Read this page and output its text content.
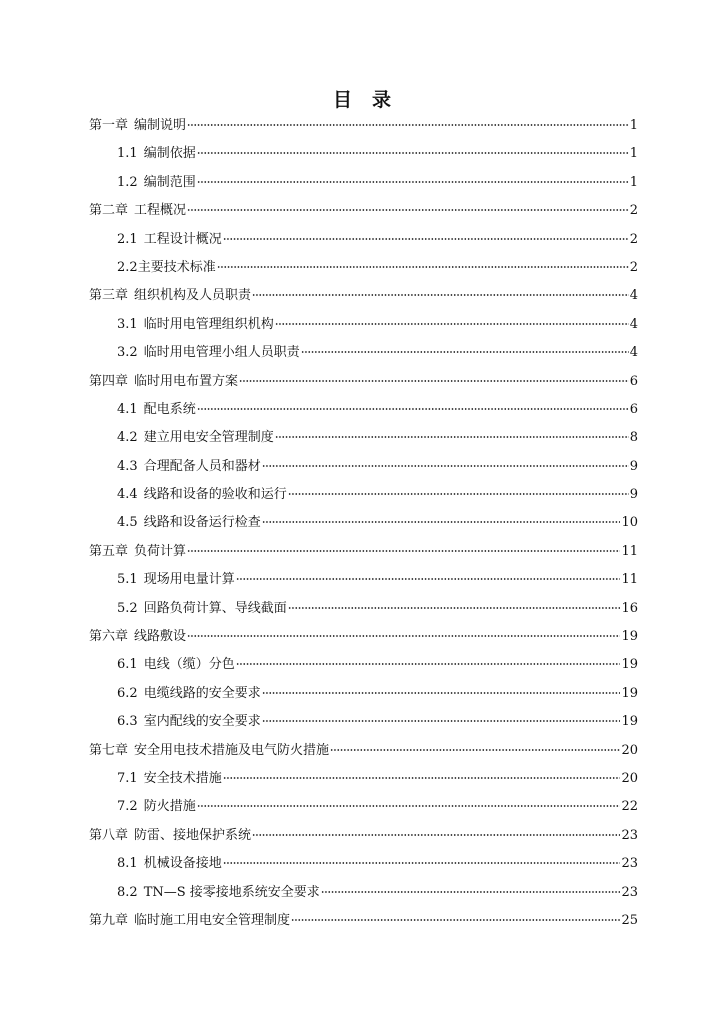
目录
第一章 编制说明	1
1.1 编制依据	1
1.2 编制范围	1
第二章 工程概况	2
2.1 工程设计概况	2
2.2主要技术标准	2
第三章 组织机构及人员职责	4
3.1 临时用电管理组织机构	4
3.2 临时用电管理小组人员职责	4
第四章 临时用电布置方案	6
4.1 配电系统	6
4.2 建立用电安全管理制度	8
4.3 合理配备人员和器材	9
4.4 线路和设备的验收和运行	9
4.5 线路和设备运行检查	10
第五章 负荷计算	11
5.1 现场用电量计算	11
5.2 回路负荷计算、导线截面	16
第六章 线路敷设	19
6.1 电线（缆）分色	19
6.2 电缆线路的安全要求	19
6.3 室内配线的安全要求	19
第七章 安全用电技术措施及电气防火措施	20
7.1 安全技术措施	20
7.2 防火措施	22
第八章 防雷、接地保护系统	23
8.1 机械设备接地	23
8.2 TN—S 接零接地系统安全要求	23
第九章 临时施工用电安全管理制度	25
